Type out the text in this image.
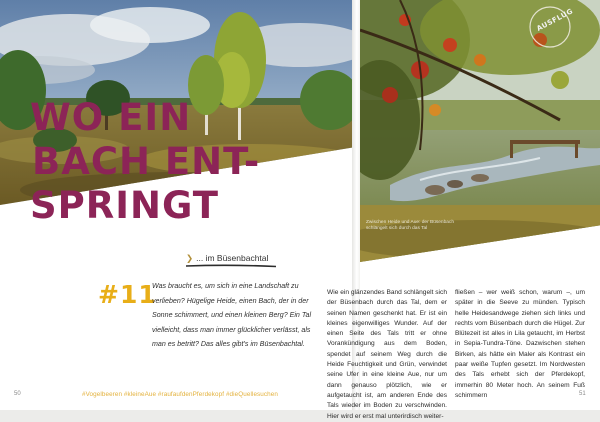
AUSFLUG
Zwischen Heide und Aue: der Büsenbach schlängelt sich durch das Tal
WO EIN
BACH ENT-
SPRINGT
❯ ... im Büsenbachtal
#11

Was braucht es, um sich in eine Landschaft zu verlieben? Hügelige Heide, einen Bach, der in der Sonne schimmert, und einen kleinen Berg? Ein Tal vielleicht, dass man immer glücklicher verlässt, als man es betritt? Das alles gibt's im Büsenbachtal.

Wie ein glänzendes Band schlängelt sich der Büsenbach durch das Tal, dem er seinen Namen geschenkt hat. Er ist ein kleines eigenwilliges Wunder. Auf der einen Seite des Tals tritt er ohne Vorankündigung aus dem Boden, spendet auf seinem Weg durch die Heide Feuchtigkeit und Grün, verwindet seine Ufer in eine kleine Aue, nur um dann genauso plötzlich, wie er aufgetaucht ist, am anderen Ende des Tals wieder im Boden zu verschwinden. Hier wird er erst mal unterirdisch weiter-

fließen – wer weiß schon, warum –, um später in die Seeve zu münden. Typisch helle Heidesandwege ziehen sich links und rechts vom Büsenbach durch die Hügel. Zur Blütezeit ist alles in Lila getaucht, im Herbst in Sepia-Tundra-Töne. Dazwischen stehen Birken, als hätte ein Maler als Kontrast ein paar weiße Tupfen gesetzt. Im Nordwesten des Tals erhebt sich der Pferdekopf, immerhin 80 Meter hoch. An seinem Fuß schimmern

50	#Vogelbeeren #kleineAue #raufaufdenPferdekopf #dieQuellesuchen	51
